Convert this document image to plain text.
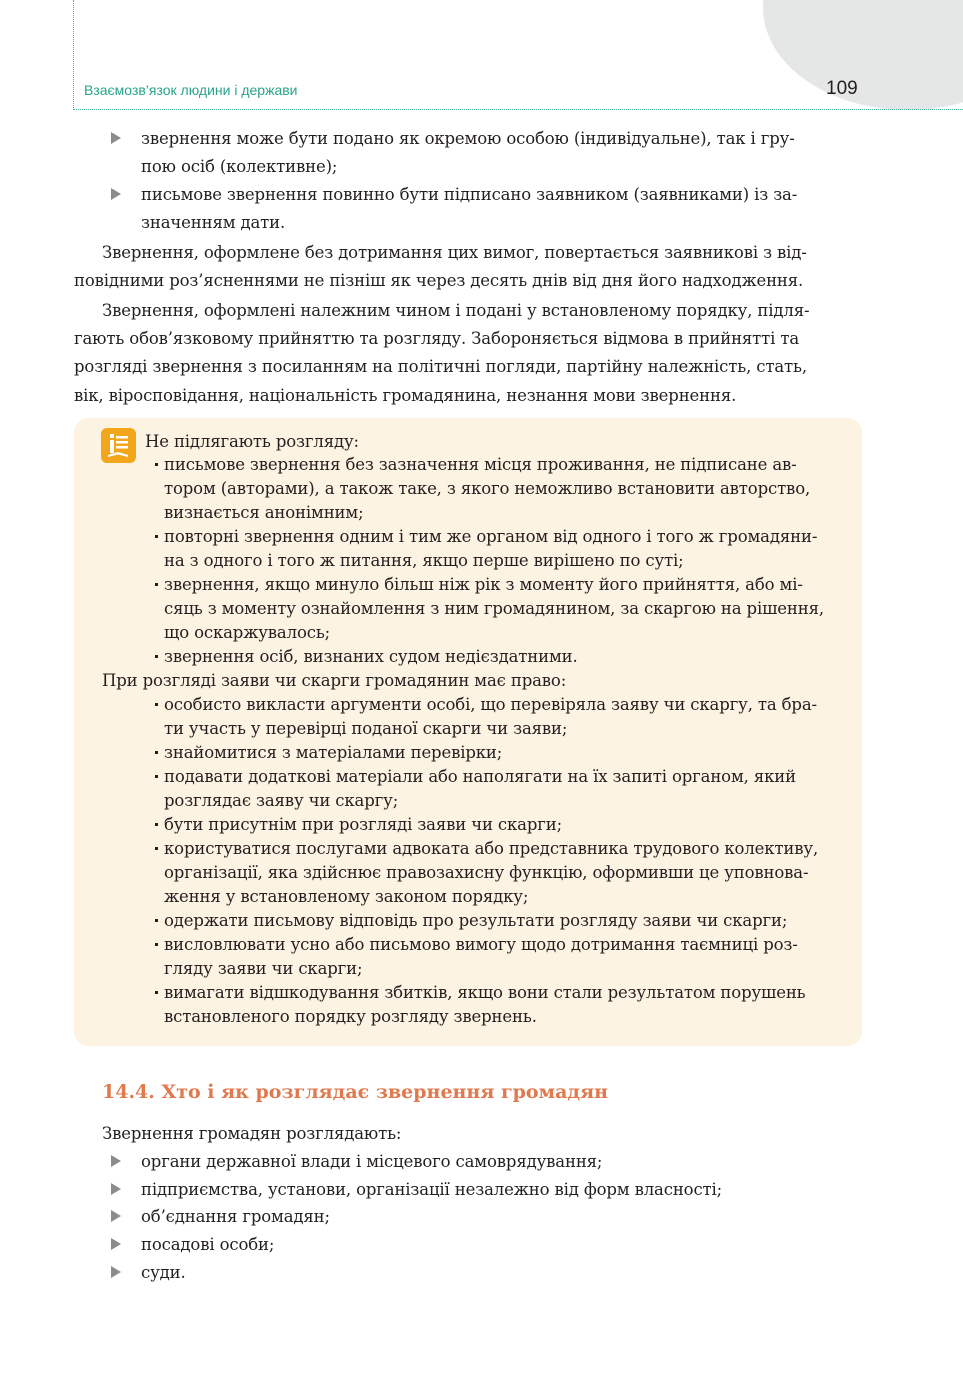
Взаємозв’язок людини і держави	109
звернення може бути подано як окремою особою (індивідуальне), так і гру-
пою осіб (колективне);
письмове звернення повинно бути підписано заявником (заявниками) із за-
значенням дати.
Звернення, оформлене без дотримання цих вимог, повертається заявникові з від-
повідними роз’ясненнями не пізніш як через десять днів від дня його надходження.
Звернення, оформлені належним чином і подані у встановленому порядку, підля-
гають обов’язковому прийняттю та розгляду. Забороняється відмова в прийнятті та
розгляді звернення з посиланням на політичні погляди, партійну належність, стать,
вік, віросповідання, національність громадянина, незнання мови звернення.
Не підлягають розгляду:
письмове звернення без зазначення місця проживання, не підписане ав-
тором (авторами), а також таке, з якого неможливо встановити авторство,
визнається анонімним;
повторні звернення одним і тим же органом від одного і того ж громадяни-
на з одного і того ж питання, якщо перше вирішено по суті;
звернення, якщо минуло більш ніж рік з моменту його прийняття, або мі-
сяць з моменту ознайомлення з ним громадянином, за скаргою на рішення,
що оскаржувалось;
звернення осіб, визнаних судом недієздатними.
При розгляді заяви чи скарги громадянин має право:
особисто викласти аргументи особі, що перевіряла заяву чи скаргу, та бра-
ти участь у перевірці поданої скарги чи заяви;
знайомитися з матеріалами перевірки;
подавати додаткові матеріали або наполягати на їх запиті органом, який
розглядає заяву чи скаргу;
бути присутнім при розгляді заяви чи скарги;
користуватися послугами адвоката або представника трудового колективу,
організації, яка здійснює правозахисну функцію, оформивши це уповнова-
ження у встановленому законом порядку;
одержати письмову відповідь про результати розгляду заяви чи скарги;
висловлювати усно або письмово вимогу щодо дотримання таємниці роз-
гляду заяви чи скарги;
вимагати відшкодування збитків, якщо вони стали результатом порушень
встановленого порядку розгляду звернень.
14.4. Хто і як розглядає звернення громадян
Звернення громадян розглядають:
органи державної влади і місцевого самоврядування;
підприємства, установи, організації незалежно від форм власності;
об’єднання громадян;
посадові особи;
суди.
